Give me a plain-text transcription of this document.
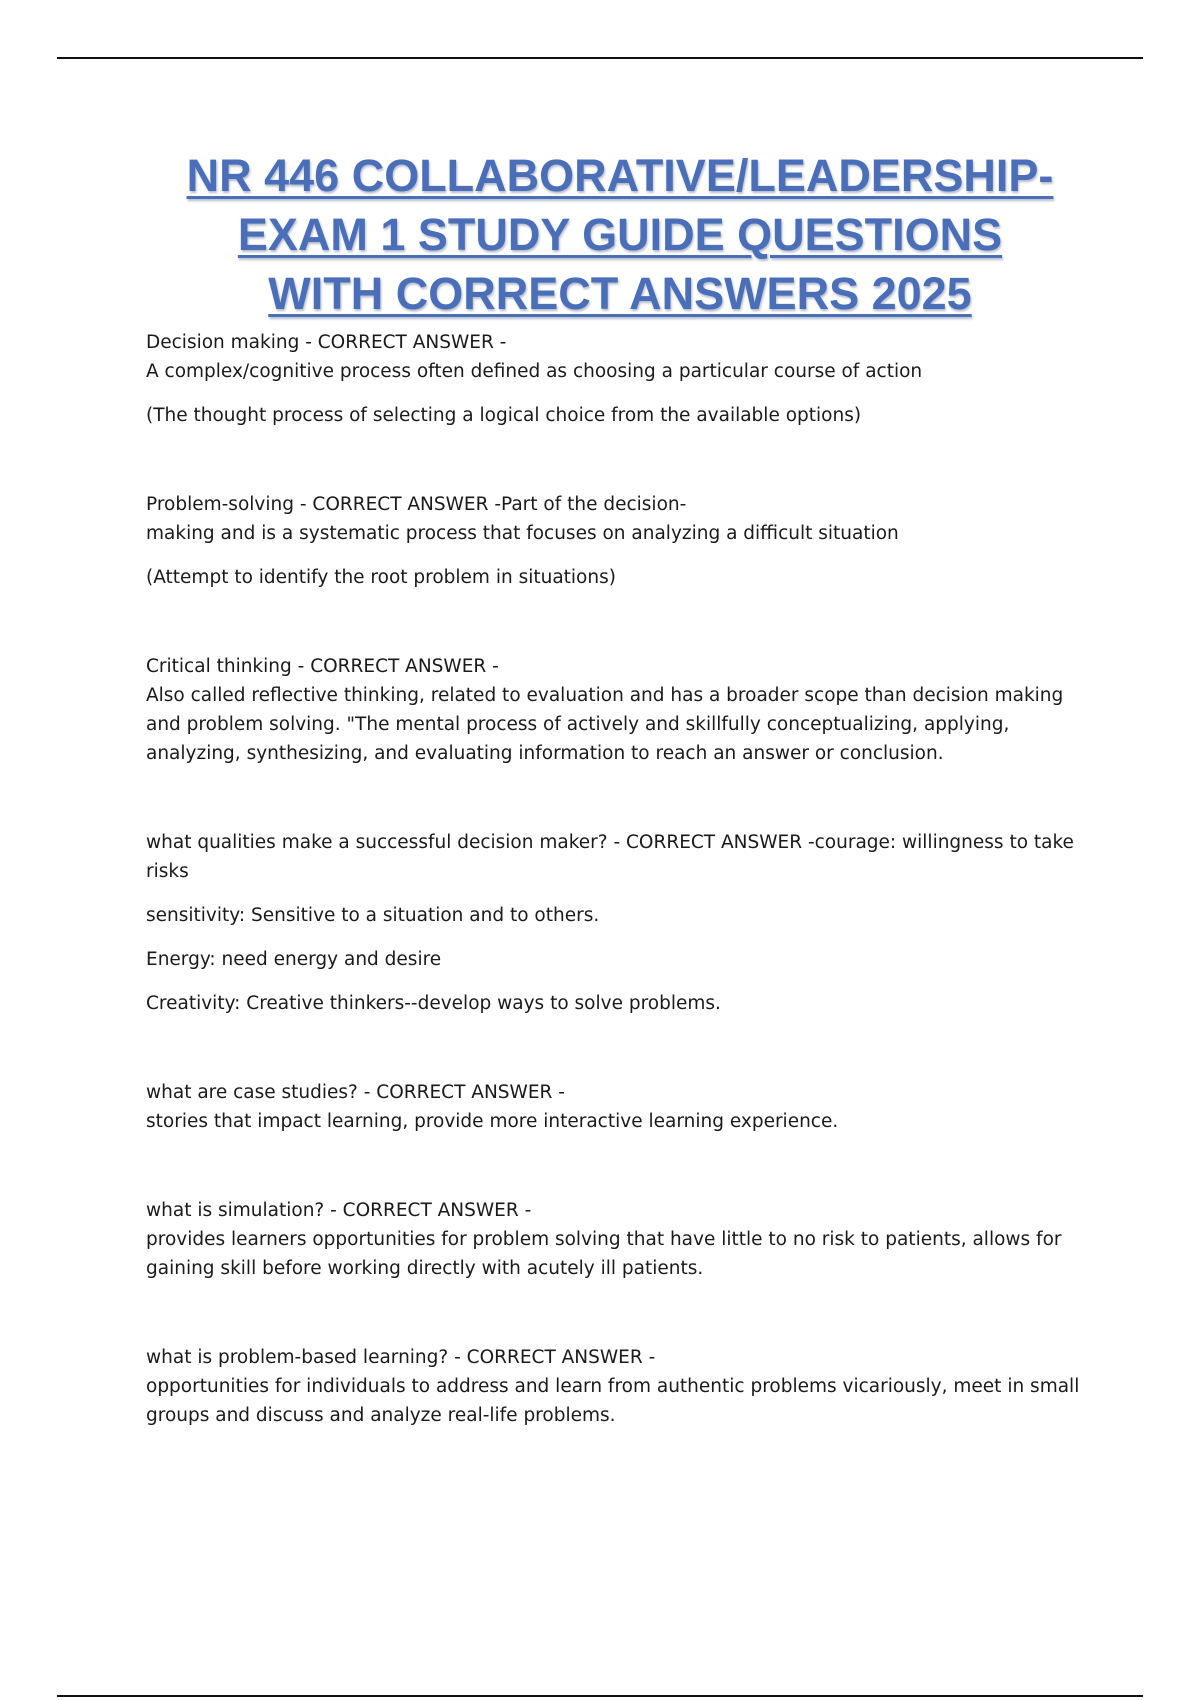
NR 446 COLLABORATIVE/LEADERSHIP-
EXAM 1 STUDY GUIDE QUESTIONS
WITH CORRECT ANSWERS 2025

Decision making - CORRECT ANSWER -

A complex/cognitive process often defined as choosing a particular course of action

(The thought process of selecting a logical choice from the available options)

Problem-solving - CORRECT ANSWER -Part of the decision-

making and is a systematic process that focuses on analyzing a difficult situation

(Attempt to identify the root problem in situations)

Critical thinking - CORRECT ANSWER -

Also called reflective thinking, related to evaluation and has a broader scope than decision making and problem solving. "The mental process of actively and skillfully conceptualizing, applying, analyzing, synthesizing, and evaluating information to reach an answer or conclusion.

what qualities make a successful decision maker? - CORRECT ANSWER -courage: willingness to take risks

sensitivity: Sensitive to a situation and to others.

Energy: need energy and desire

Creativity: Creative thinkers--develop ways to solve problems.

what are case studies? - CORRECT ANSWER -

stories that impact learning, provide more interactive learning experience.

what is simulation? - CORRECT ANSWER -

provides learners opportunities for problem solving that have little to no risk to patients, allows for gaining skill before working directly with acutely ill patients.

what is problem-based learning? - CORRECT ANSWER -

opportunities for individuals to address and learn from authentic problems vicariously, meet in small groups and discuss and analyze real-life problems.
